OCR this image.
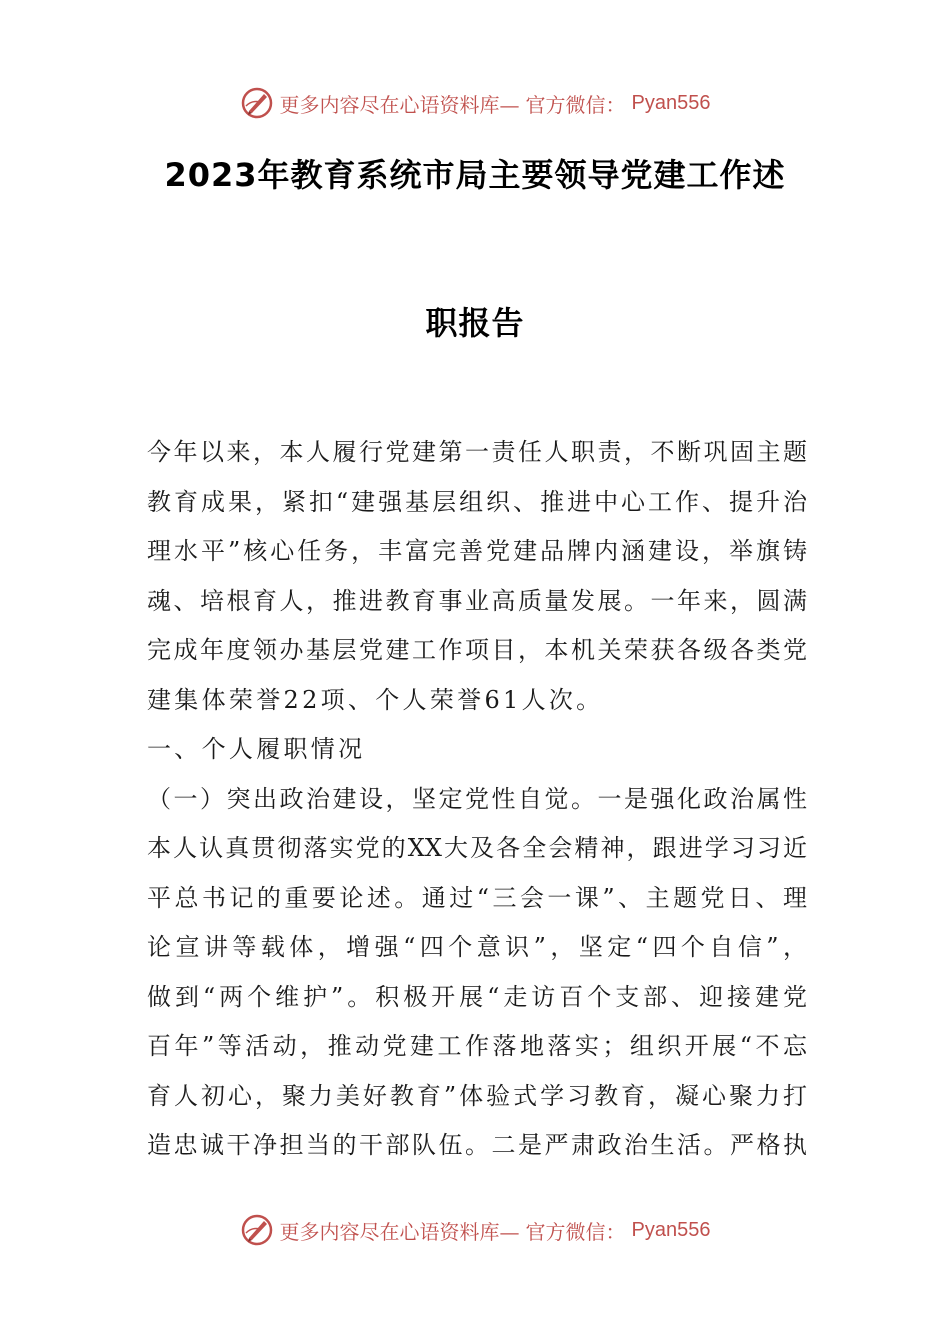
更多内容尽在心语资料库— 官方微信： Pyan556
2023年教育系统市局主要领导党建工作述
职报告
今年以来，本人履行党建第一责任人职责，不断巩固主题
教育成果，紧扣“建强基层组织、推进中心工作、提升治
理水平”核心任务，丰富完善党建品牌内涵建设，举旗铸
魂、培根育人，推进教育事业高质量发展。一年来，圆满
完成年度领办基层党建工作项目，本机关荣获各级各类党
建集体荣誉22项、个人荣誉61人次。
一、个人履职情况
（一）突出政治建设，坚定党性自觉。一是强化政治属性
本人认真贯彻落实党的XX大及各全会精神，跟进学习习近
平总书记的重要论述。通过“三会一课”、主题党日、理
论宣讲等载体，增强“四个意识”，坚定“四个自信”，
做到“两个维护”。积极开展“走访百个支部、迎接建党
百年”等活动，推动党建工作落地落实；组织开展“不忘
育人初心，聚力美好教育”体验式学习教育，凝心聚力打
造忠诚干净担当的干部队伍。二是严肃政治生活。严格执
更多内容尽在心语资料库— 官方微信： Pyan556
